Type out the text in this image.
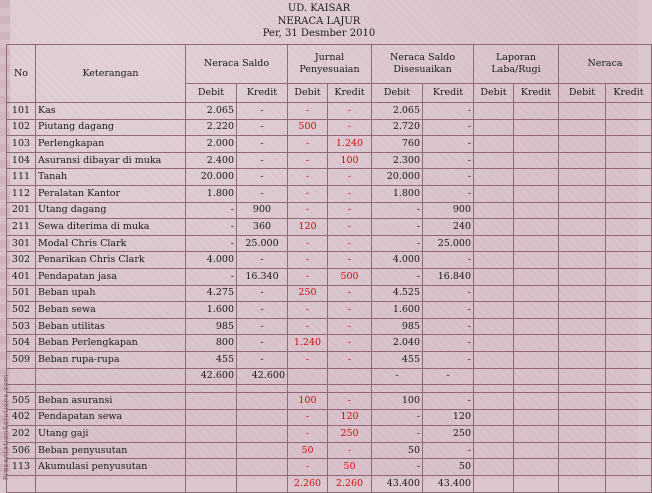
PresentationSolutions.com
UD. KAISAR
NERACA LAJUR
Per, 31 Desmber 2010
No	Keterangan	Neraca Saldo		Jurnal Penyesuaian		Neraca Saldo Disesuaikan		Laporan Laba/Rugi		Neraca	
		Debit	Kredit	Debit	Kredit	Debit	Kredit	Debit	Kredit	Debit	Kredit
101	Kas	2.065	-	-	-	2.065	-				
102	Piutang dagang	2.220	-	500	-	2.720	-				
103	Perlengkapan	2.000	-	-	1.240	760	-				
104	Asuransi dibayar di muka	2.400	-	-	100	2.300	-				
111	Tanah	20.000	-	-	-	20.000	-				
112	Peralatan Kantor	1.800	-	-	-	1.800	-				
201	Utang dagang	-	900	-	-	-	900				
211	Sewa diterima di muka	-	360	120	-	-	240				
301	Modal Chris Clark	-	25.000	-	-	-	25.000				
302	Penarikan Chris Clark	4.000	-	-	-	4.000	-				
401	Pendapatan jasa	-	16.340	-	500	-	16.840				
501	Beban upah	4.275	-	250	-	4.525	-				
502	Beban sewa	1.600	-	-	-	1.600	-				
503	Beban utilitas	985	-	-	-	985	-				
504	Beban Perlengkapan	800	-	1.240	-	2.040	-				
509	Beban rupa-rupa	455	-	-	-	455	-				
		42.600	42.600			-	-				

505	Beban asuransi			100	-	100	-				
402	Pendapatan sewa			-	120	-	120				
202	Utang gaji			-	250	-	250				
506	Beban penyusutan			50	-	50	-				
113	Akumulasi penyusutan			-	50	-	50				
				2.260	2.260	43.400	43.400				
